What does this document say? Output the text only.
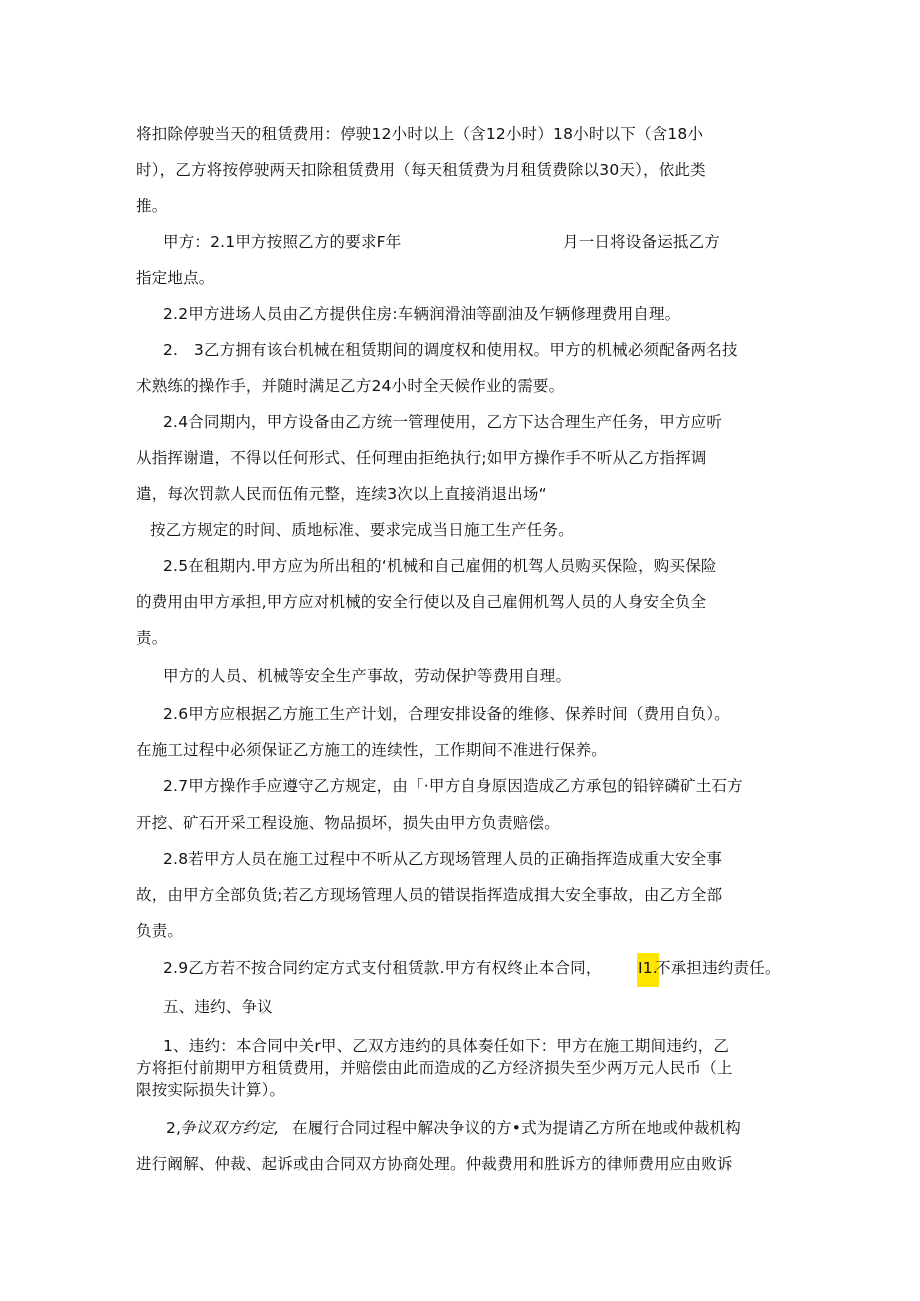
将扣除停驶当天的租赁费用：停驶12小时以上（含12小时）18小时以下（含18小
时），乙方将按停驶两天扣除租赁费用（每天租赁费为月租赁费除以30天），依此类
推。
甲方：2.1甲方按照乙方的要求F年	月一日将设备运抵乙方
指定地点。
2.2甲方进场人员由乙方提供住房:车辆润滑油等副油及乍辆修理费用自理。
2.　3乙方拥有该台机械在租赁期间的调度权和使用权。甲方的机械必须配备两名技
术熟练的操作手，并随时满足乙方24小时全天候作业的需要。
2.4合同期内，甲方设备由乙方统一管理使用，乙方下达合理生产任务，甲方应听
从指挥谢遣，不得以任何形式、任何理由拒绝执行;如甲方操作手不听从乙方指挥调
遣，每次罚款人民而伍侑元整，连续3次以上直接消退出场“
按乙方规定的时间、质地标准、要求完成当日施工生产任务。
2.5在租期内.甲方应为所出租的‘机械和自己雇佣的机驾人员购买保险，购买保险
的费用由甲方承担,甲方应对机械的安全行使以及自己雇佣机驾人员的人身安全负全
责。
甲方的人员、机械等安全生产事故，劳动保护等费用自理。
2.6甲方应根据乙方施工生产计划，合理安排设备的维修、保养时间（费用自负）。
在施工过程中必须保证乙方施工的连续性，工作期间不准进行保养。
2.7甲方操作手应遵守乙方规定，由「·甲方自身原因造成乙方承包的铅锌磷矿土石方
开挖、矿石开采工程设施、物品损坏，损失由甲方负责赔偿。
2.8若甲方人员在施工过程中不听从乙方现场管理人员的正确指挥造成重大安全事
故，由甲方全部负货;若乙方现场管理人员的错误指挥造成揖大安全事故，由乙方全部
负责。
2.9乙方若不按合同约定方式支付租赁款.甲方有权终止本合同， I1.
不承担违约责任。
五、违约、争议
1、违约：本合同中关r甲、乙双方违约的具体奏任如下：甲方在施工期间违约，乙
方将拒付前期甲方租赁费用，并赔偿由此而造成的乙方经济损失至少两万元人民币（上
限按实际损失计算）。
2,
争议双方约定, 在履行合同过程中解决争议的方•式为提请乙方所在地或仲裁机构
进行阚解、仲裁、起诉或由合同双方协商处理。仲裁费用和胜诉方的律师费用应由败诉
